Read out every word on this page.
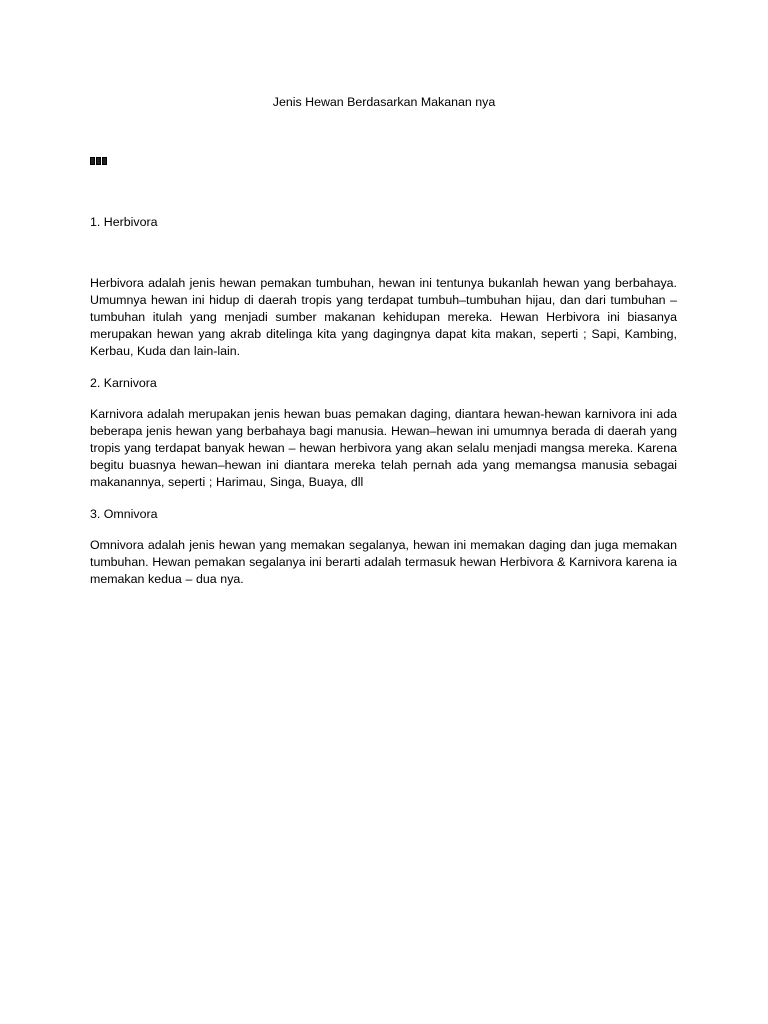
Jenis Hewan Berdasarkan Makanan nya

1. Herbivora

Herbivora adalah jenis hewan pemakan tumbuhan, hewan ini tentunya bukanlah hewan yang berbahaya. Umumnya hewan ini hidup di daerah tropis yang terdapat tumbuh–tumbuhan hijau, dan dari tumbuhan – tumbuhan itulah yang menjadi sumber makanan kehidupan mereka. Hewan Herbivora ini biasanya merupakan hewan yang akrab ditelinga kita yang dagingnya dapat kita makan, seperti ; Sapi, Kambing, Kerbau, Kuda dan lain-lain.

2. Karnivora

Karnivora adalah merupakan jenis hewan buas pemakan daging, diantara hewan-hewan karnivora ini ada beberapa jenis hewan yang berbahaya bagi manusia. Hewan–hewan ini umumnya berada di daerah yang tropis yang terdapat banyak hewan – hewan herbivora yang akan selalu menjadi mangsa mereka. Karena begitu buasnya hewan–hewan ini diantara mereka telah pernah ada yang memangsa manusia sebagai makanannya, seperti ; Harimau, Singa, Buaya, dll

3. Omnivora

Omnivora adalah jenis hewan yang memakan segalanya, hewan ini memakan daging dan juga memakan tumbuhan. Hewan pemakan segalanya ini berarti adalah termasuk hewan Herbivora & Karnivora karena ia memakan kedua – dua nya.
